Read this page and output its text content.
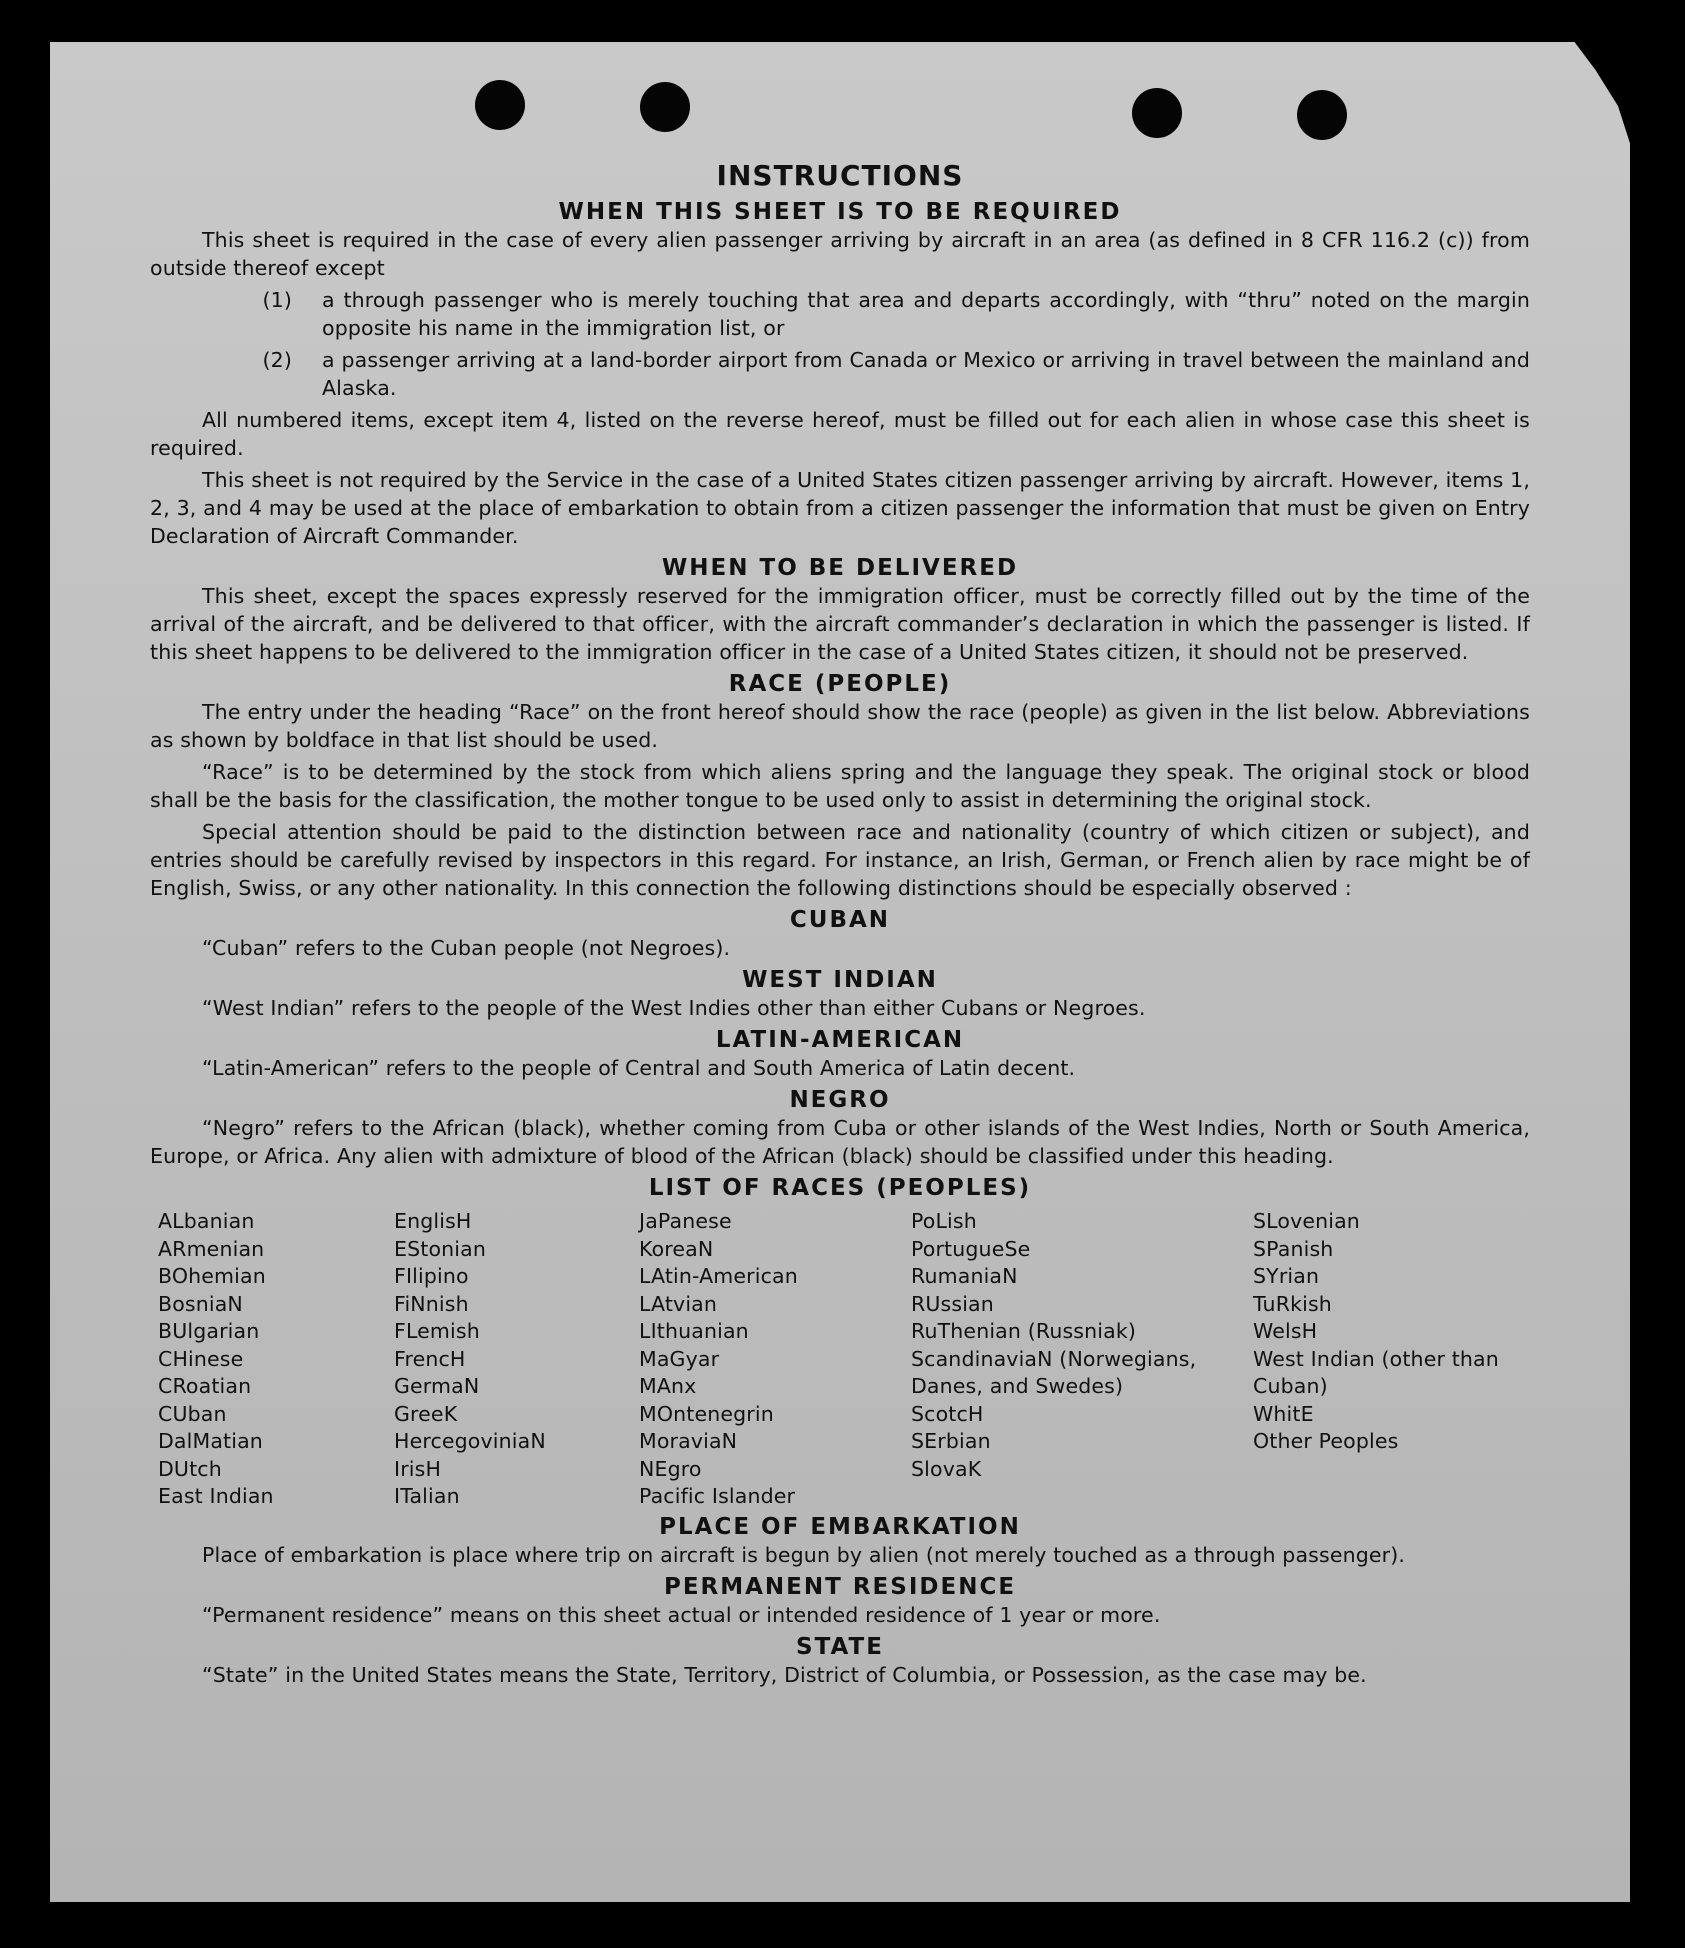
INSTRUCTIONS
WHEN THIS SHEET IS TO BE REQUIRED

This sheet is required in the case of every alien passenger arriving by aircraft in an area (as defined in 8 CFR 116.2 (c)) from outside thereof except

(1)	a through passenger who is merely touching that area and departs accordingly, with “thru” noted on the margin opposite his name in the immigration list, or
(2)	a passenger arriving at a land-border airport from Canada or Mexico or arriving in travel between the mainland and Alaska.

All numbered items, except item 4, listed on the reverse hereof, must be filled out for each alien in whose case this sheet is required.

This sheet is not required by the Service in the case of a United States citizen passenger arriving by aircraft. However, items 1, 2, 3, and 4 may be used at the place of embarkation to obtain from a citizen passenger the information that must be given on Entry Declaration of Aircraft Commander.

WHEN TO BE DELIVERED

This sheet, except the spaces expressly reserved for the immigration officer, must be correctly filled out by the time of the arrival of the aircraft, and be delivered to that officer, with the aircraft commander’s declaration in which the passenger is listed. If this sheet happens to be delivered to the immigration officer in the case of a United States citizen, it should not be preserved.

RACE (PEOPLE)

The entry under the heading “Race” on the front hereof should show the race (people) as given in the list below. Abbreviations as shown by boldface in that list should be used.

“Race” is to be determined by the stock from which aliens spring and the language they speak. The original stock or blood shall be the basis for the classification, the mother tongue to be used only to assist in determining the original stock.

Special attention should be paid to the distinction between race and nationality (country of which citizen or subject), and entries should be carefully revised by inspectors in this regard. For instance, an Irish, German, or French alien by race might be of English, Swiss, or any other nationality. In this connection the following distinctions should be especially observed :

CUBAN

“Cuban” refers to the Cuban people (not Negroes).

WEST INDIAN

“West Indian” refers to the people of the West Indies other than either Cubans or Negroes.

LATIN-AMERICAN

“Latin-American” refers to the people of Central and South America of Latin decent.

NEGRO

“Negro” refers to the African (black), whether coming from Cuba or other islands of the West Indies, North or South America, Europe, or Africa. Any alien with admixture of blood of the African (black) should be classified under this heading.

LIST OF RACES (PEOPLES)
ALbanian
ARmenian
BOhemian
BosniaN
BUlgarian
CHinese
CRoatian
CUban
DalMatian
DUtch
East Indian
EnglisH
EStonian
FIlipino
FiNnish
FLemish
FrencH
GermaN
GreeK
HercegoviniaN
IrisH
ITalian
JaPanese
KoreaN
LAtin-American
LAtvian
LIthuanian
MaGyar
MAnx
MOntenegrin
MoraviaN
NEgro
Pacific Islander
PoLish
PortugueSe
RumaniaN
RUssian
RuThenian (Russniak)
ScandinaviaN (Norwegians, Danes, and Swedes)
ScotcH
SErbian
SlovaK
SLovenian
SPanish
SYrian
TuRkish
WelsH
West Indian (other than Cuban)
WhitE
Other Peoples
PLACE OF EMBARKATION

Place of embarkation is place where trip on aircraft is begun by alien (not merely touched as a through passenger).

PERMANENT RESIDENCE

“Permanent residence” means on this sheet actual or intended residence of 1 year or more.

STATE

“State” in the United States means the State, Territory, District of Columbia, or Possession, as the case may be.
